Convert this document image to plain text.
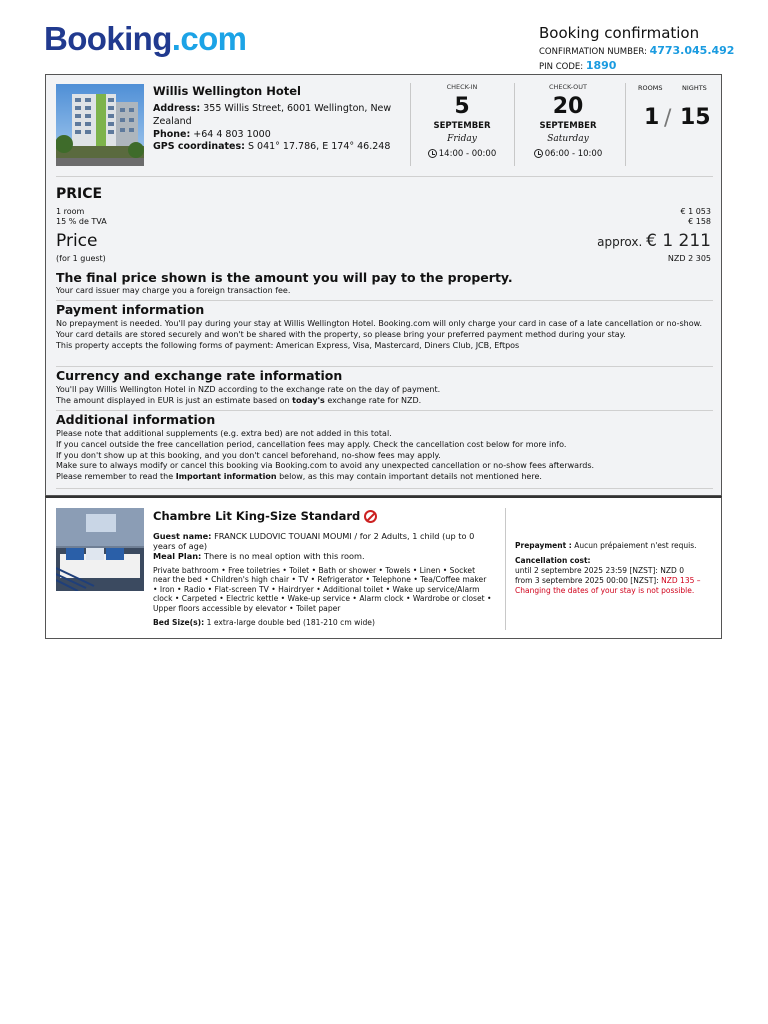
Booking.com	Booking confirmation
CONFIRMATION NUMBER: 4773.045.492
PIN CODE: 1890
Willis Wellington Hotel
Address: 355 Willis Street, 6001 Wellington, New Zealand
Phone: +64 4 803 1000
GPS coordinates: S 041° 17.786, E 174° 46.248
CHECK-IN
5
SEPTEMBER
Friday
14:00 - 00:00
CHECK-OUT
20
SEPTEMBER
Saturday
06:00 - 10:00
ROOMS	NIGHTS
1 / 15
PRICE
1 room	€ 1 053
15 % de TVA	€ 158
Price	approx. € 1 211
(for 1 guest)	NZD 2 305
The final price shown is the amount you will pay to the property.
Your card issuer may charge you a foreign transaction fee.
Payment information
No prepayment is needed. You'll pay during your stay at Willis Wellington Hotel. Booking.com will only charge your card in case of a late cancellation or no-show.
Your card details are stored securely and won't be shared with the property, so please bring your preferred payment method during your stay.
This property accepts the following forms of payment: American Express, Visa, Mastercard, Diners Club, JCB, Eftpos
Currency and exchange rate information
You'll pay Willis Wellington Hotel in NZD according to the exchange rate on the day of payment.
The amount displayed in EUR is just an estimate based on today's exchange rate for NZD.
Additional information
Please note that additional supplements (e.g. extra bed) are not added in this total.
If you cancel outside the free cancellation period, cancellation fees may apply. Check the cancellation cost below for more info.
If you don't show up at this booking, and you don't cancel beforehand, no-show fees may apply.
Make sure to always modify or cancel this booking via Booking.com to avoid any unexpected cancellation or no-show fees afterwards.
Please remember to read the Important information below, as this may contain important details not mentioned here.
Chambre Lit King-Size Standard
Guest name: FRANCK LUDOVIC TOUANI MOUMI / for 2 Adults, 1 child (up to 0 years of age)
Meal Plan: There is no meal option with this room.
Private bathroom • Free toiletries • Toilet • Bath or shower • Towels • Linen • Socket near the bed • Children's high chair • TV • Refrigerator • Telephone • Tea/Coffee maker • Iron • Radio • Flat-screen TV • Hairdryer • Additional toilet • Wake up service/Alarm clock • Carpeted • Electric kettle • Wake-up service • Alarm clock • Wardrobe or closet • Upper floors accessible by elevator • Toilet paper
Bed Size(s): 1 extra-large double bed (181-210 cm wide)
Prepayment : Aucun prépaiement n'est requis.
Cancellation cost:
until 2 septembre 2025 23:59 [NZST]: NZD 0
from 3 septembre 2025 00:00 [NZST]: NZD 135 – Changing the dates of your stay is not possible.
